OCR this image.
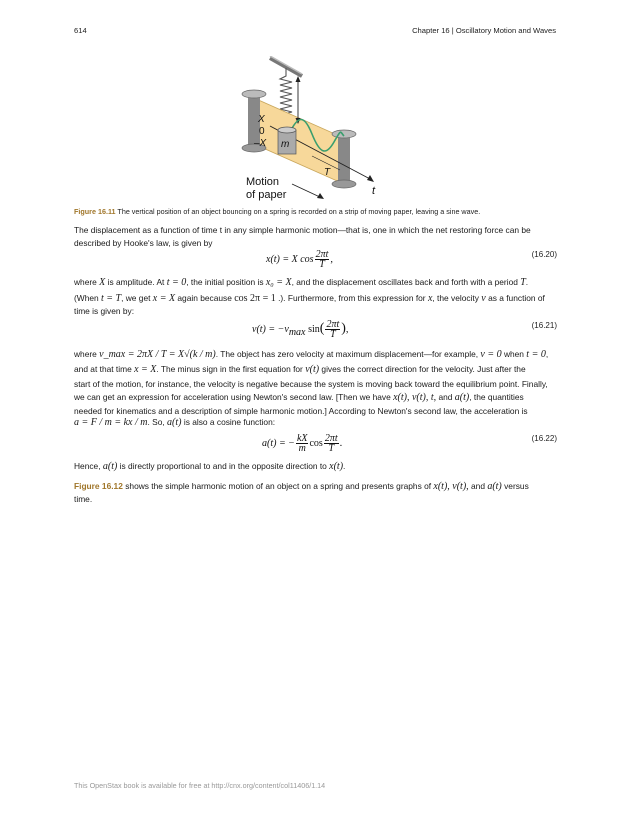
614	Chapter 16 | Oscillatory Motion and Waves
X
0
–X m
T
t
Motion
of paper
Figure 16.11 The vertical position of an object bouncing on a spring is recorded on a strip of moving paper, leaving a sine wave.
The displacement as a function of time t in any simple harmonic motion—that is, one in which the net restoring force can be described by Hooke's law, is given by
x(t) = X $\cos \frac{2\pi t}{T}$ ,	(16.20)
where X is amplitude. At t = 0, the initial position is x₀ = X, and the displacement oscillates back and forth with a period T.
(When t = T, we get x = X again because cos 2π = 1 .). Furthermore, from this expression for x, the velocity v as a function of time is given by:
$v(t) = -v_{max}$ $\sin( \frac{2\pi t}{T}$ ),	(16.21)
where v_max = 2πX / T = X√(k / m). The object has zero velocity at maximum displacement—for example, v = 0 when t = 0,
and at that time x = X. The minus sign in the first equation for v(t) gives the correct direction for the velocity. Just after the
start of the motion, for instance, the velocity is negative because the system is moving back toward the equilibrium point. Finally,
we can get an expression for acceleration using Newton's second law. [Then we have x(t), v(t), t, and a(t), the quantities
needed for kinematics and a description of simple harmonic motion.] According to Newton's second law, the acceleration is
a = F / m = kx / m. So, a(t) is also a cosine function:
a(t) = − $\frac{kX}{m}$ $\cos \frac{2\pi t}{T}$ .	(16.22)
Hence, a(t) is directly proportional to and in the opposite direction to x(t).
Figure 16.12 shows the simple harmonic motion of an object on a spring and presents graphs of x(t), v(t), and a(t) versus
time.
This OpenStax book is available for free at http://cnx.org/content/col11406/1.14
